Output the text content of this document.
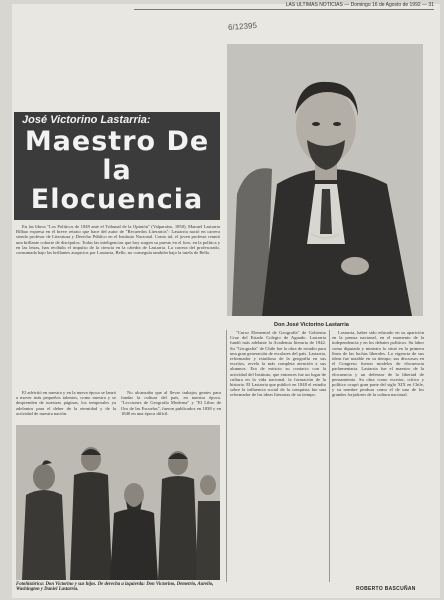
LAS ULTIMAS NOTICIAS — Domingo 16 de Agosto de 1992 — 31
6/12395
José Victorino Lastarria:
Maestro De la Elocuencia

En las libros "Los Políticos de 1849 ante el Tribunal de la Opinión" (Valparaíso, 1850), Manuel Lastarria Bilbao expresa en el breve retrato que hace del autor de "Recuerdos Literarios": Lastarria nació en carrera siendo profesor de Literatura y Derecho Público en el Instituto Nacional. Como tal, el joven profesor reunió una brillante cohorte de discípulos. Todas las inteligencias que hoy surgen su puesto en el foro, en la política y en las letras, han recibido el impulso de la ciencia en la cátedra de Lastarria. La carrera del profesorado, consumada bajo las brillantes auspicios por Lastarria, Bello, no conseguía también bajo la tutela de Bello.

Don José Victorino Lastarria

El advirtió en nuestra y en la nueva época se lanzó a mover más pequeños talentos, como nuestra y se desprenden de nuestras páginas, los temporales ya adelantos para el deber de la eternidad y de la actividad de nuestra nación.

No alcanzaba que al llevar trabajos gentes para fundar la cultura del país, en nuestra época. "Lecciones de Geografía Moderna" y "El Libro de Oro de las Escuelas", fueron publicados en 1838 y en 1840 en una época difícil.

"Curso Elemental de Geografía" de Gobierno Cruz del Estado Colegio de Aguado. Lastarria fundó más adelante la Academia literaria de 1842. Su "Geografía" de Chile fue la obra de estudio para una gran generación de escolares del país. Lastarria, reformador y estudioso de la geografía en sus escritos, revela la más completa atención a sus alumnos. Era de estricto su contacto con la actividad del Instituto, que entonces fue un lugar de cultura en la vida nacional, la formación de la historia. El Lastarria que publicó en 1848 el estudio sobre la influencia social de la conquista fue una reformador de las ideas literarias de su tiempo.

Lastarria, haber sido educado en su aparición en la prensa nacional, en el momento de la independencia y en los debates políticos. Su labor como diputado y ministro lo situó en la primera línea de las luchas liberales. La vigencia de sus ideas fue notable en su tiempo; sus discursos en el Congreso fueron modelos de elocuencia parlamentaria. Lastarria fue el maestro de la elocuencia y un defensor de la libertad de pensamiento. Su obra como escritor, crítico y político ocupó gran parte del siglo XIX en Chile, y su nombre perdura como el de uno de los grandes forjadores de la cultura nacional.

Fotohistórica: Don Victorino y sus hijos. De derecha a izquierda: Don Victorino, Demetrio, Aurelio, Washington y Daniel Lastarria.	ROBERTO BASCUÑAN
